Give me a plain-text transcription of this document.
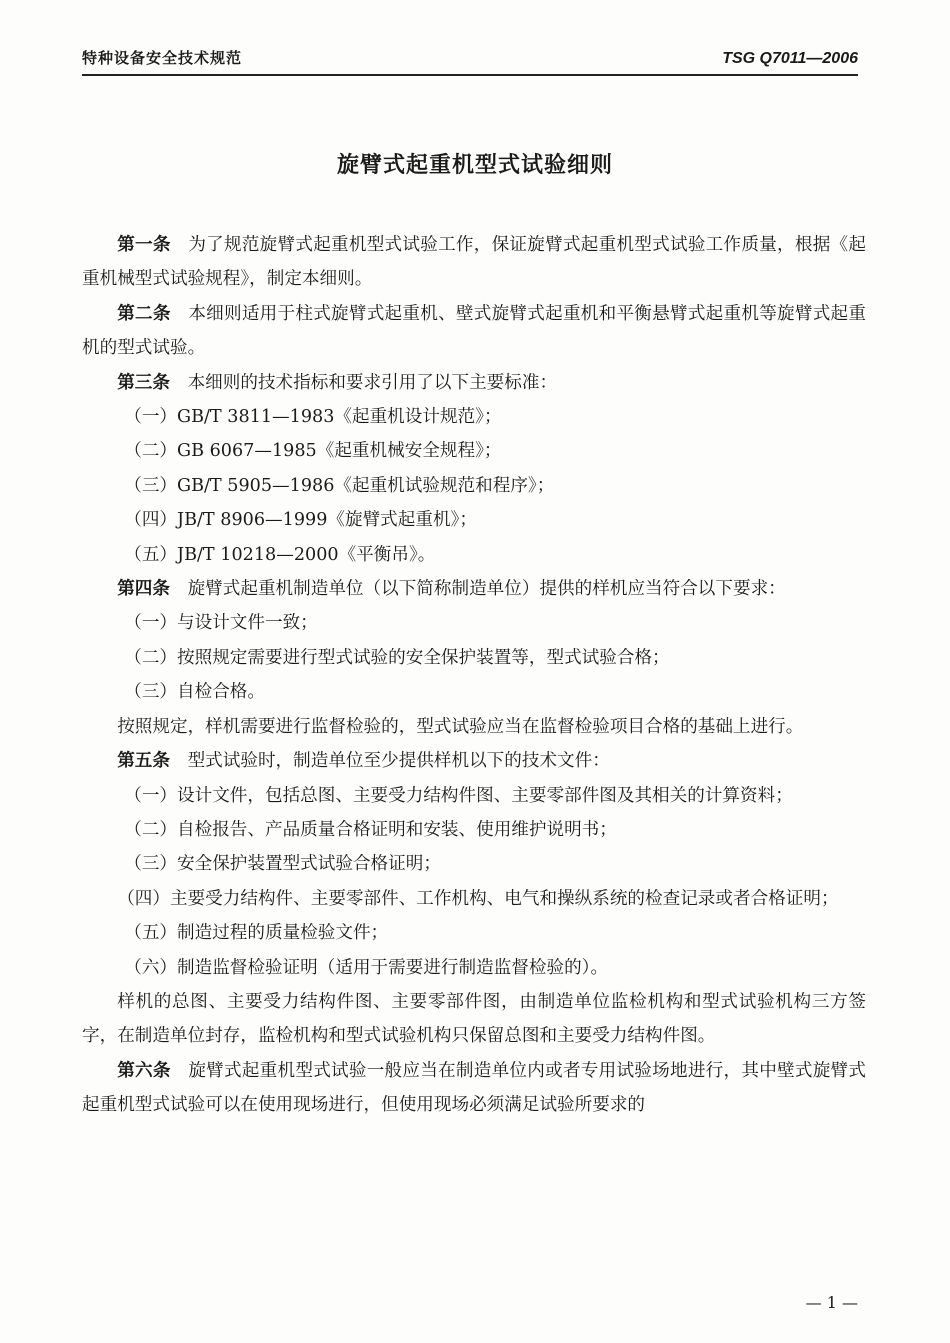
特种设备安全技术规范	TSG Q7011—2006
旋臂式起重机型式试验细则

第一条 为了规范旋臂式起重机型式试验工作，保证旋臂式起重机型式试验工作质量，根据《起重机械型式试验规程》，制定本细则。

第二条 本细则适用于柱式旋臂式起重机、壁式旋臂式起重机和平衡悬臂式起重机等旋臂式起重机的型式试验。

第三条 本细则的技术指标和要求引用了以下主要标准：

（一）GB/T 3811—1983《起重机设计规范》；

（二）GB 6067—1985《起重机械安全规程》；

（三）GB/T 5905—1986《起重机试验规范和程序》；

（四）JB/T 8906—1999《旋臂式起重机》；

（五）JB/T 10218—2000《平衡吊》。

第四条 旋臂式起重机制造单位（以下简称制造单位）提供的样机应当符合以下要求：

（一）与设计文件一致；

（二）按照规定需要进行型式试验的安全保护装置等，型式试验合格；

（三）自检合格。

按照规定，样机需要进行监督检验的，型式试验应当在监督检验项目合格的基础上进行。

第五条 型式试验时，制造单位至少提供样机以下的技术文件：

（一）设计文件，包括总图、主要受力结构件图、主要零部件图及其相关的计算资料；

（二）自检报告、产品质量合格证明和安装、使用维护说明书；

（三）安全保护装置型式试验合格证明；

（四）主要受力结构件、主要零部件、工作机构、电气和操纵系统的检查记录或者合格证明；

（五）制造过程的质量检验文件；

（六）制造监督检验证明（适用于需要进行制造监督检验的）。

样机的总图、主要受力结构件图、主要零部件图，由制造单位监检机构和型式试验机构三方签字，在制造单位封存，监检机构和型式试验机构只保留总图和主要受力结构件图。

第六条 旋臂式起重机型式试验一般应当在制造单位内或者专用试验场地进行，其中壁式旋臂式起重机型式试验可以在使用现场进行，但使用现场必须满足试验所要求的

— 1 —
